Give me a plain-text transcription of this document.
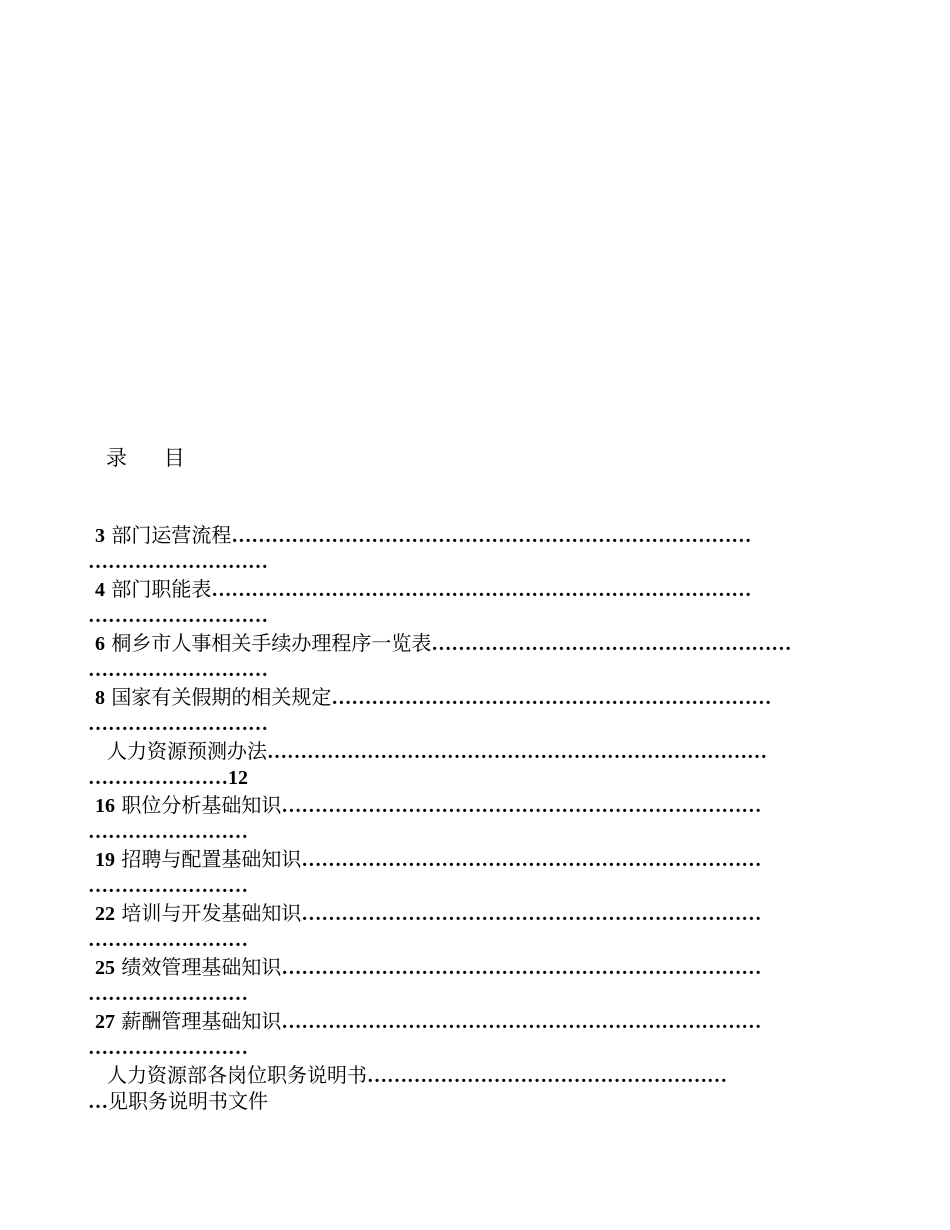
录    目
3 部门运营流程……………………………………………………………………
………………………
4 部门职能表………………………………………………………………………
………………………
6 桐乡市人事相关手续办理程序一览表………………………………………………
………………………
8 国家有关假期的相关规定…………………………………………………………
………………………
人力资源预测办法…………………………………………………………………
…………………12
16 职位分析基础知识………………………………………………………………
……………………
19 招聘与配置基础知识……………………………………………………………
……………………
22 培训与开发基础知识……………………………………………………………
……………………
25 绩效管理基础知识………………………………………………………………
……………………
27 薪酬管理基础知识………………………………………………………………
……………………
人力资源部各岗位职务说明书………………………………………………
…见职务说明书文件
